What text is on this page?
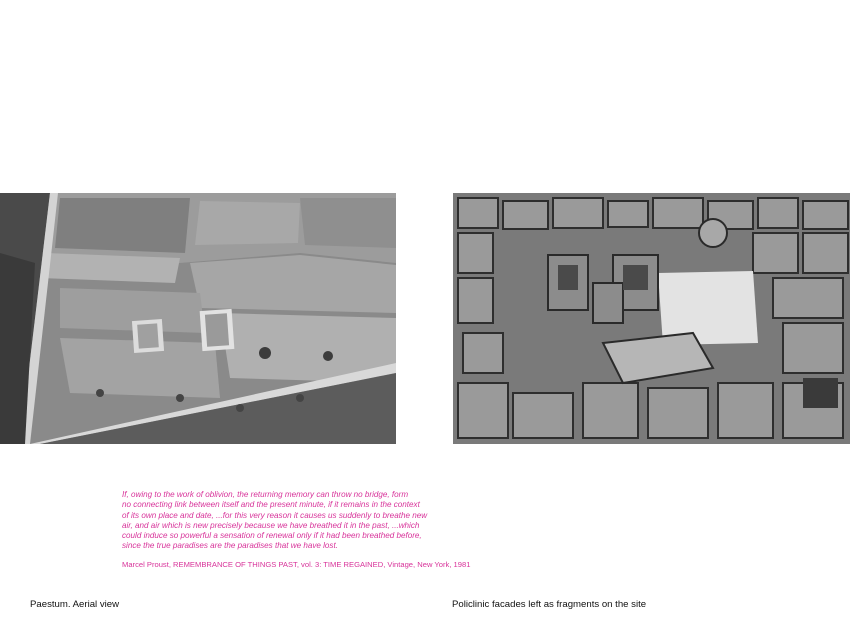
If, owing to the work of oblivion, the returning memory can throw no bridge, form
no connecting link between itself and the present minute, if it remains in the context
of its own place and date, ...for this very reason it causes us suddenly to breathe new
air, and air which is new precisely because we have breathed it in the past, ...which
could induce so powerful a sensation of renewal only if it had been breathed before,
since the true paradises are the paradises that we have lost.

Marcel Proust, REMEMBRANCE OF THINGS PAST, vol. 3: TIME REGAINED, Vintage, New York, 1981
Paestum. Aerial view	Policlinic facades left as fragments on the site
